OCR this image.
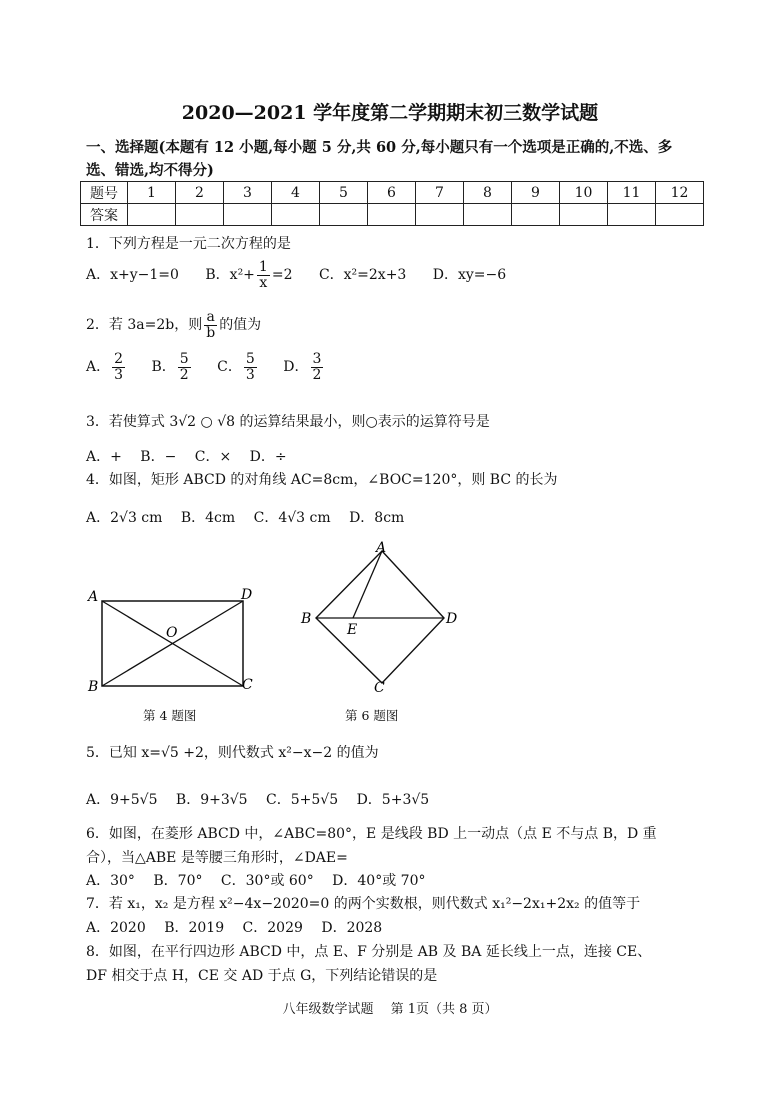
2020—2021 学年度第二学期期末初三数学试题
一、选择题(本题有 12 小题,每小题 5 分,共 60 分,每小题只有一个选项是正确的,不选、多
选、错选,均不得分)
题号	1	2	3	4	5	6	7	8	9	10	11	12
答案												
1．下列方程是一元二次方程的是
A．x+y−1=0 B．$x^2+ \frac{1}{x} =2$ C．x²=2x+3 D．xy=−6
2．若 3a=2b，则 $\frac{a}{b}$ 的值为
A． $\frac{2}{3}$ B． $\frac{5}{2}$ C． $\frac{5}{3}$ D． $\frac{3}{2}$
3．若使算式 3√2 ○ √8 的运算结果最小，则○表示的运算符号是
A．+　 B．−　 C．×　 D．÷
4．如图，矩形 ABCD 的对角线 AC=8cm，∠BOC=120°，则 BC 的长为
A．2√3 cm　 B．4cm　 C．4√3 cm　 D．8cm
A	D
B	C
O
第 4 题图
A
B	D
C
E
第 6 题图
5．已知 x=√5 +2，则代数式 x²−x−2 的值为
A．9+5√5　 B．9+3√5　 C．5+5√5　 D．5+3√5
6．如图，在菱形 ABCD 中，∠ABC=80°，E 是线段 BD 上一动点（点 E 不与点 B，D 重
合），当△ABE 是等腰三角形时，∠DAE=
A．30°　 B．70°　 C．30°或 60°　 D．40°或 70°
7．若 x₁，x₂ 是方程 x²−4x−2020=0 的两个实数根，则代数式 x₁²−2x₁+2x₂ 的值等于
A．2020　 B．2019　 C．2029　 D．2028
8．如图，在平行四边形 ABCD 中，点 E、F 分别是 AB 及 BA 延长线上一点，连接 CE、
DF 相交于点 H，CE 交 AD 于点 G，下列结论错误的是
八年级数学试题　 第 1页（共 8 页）
